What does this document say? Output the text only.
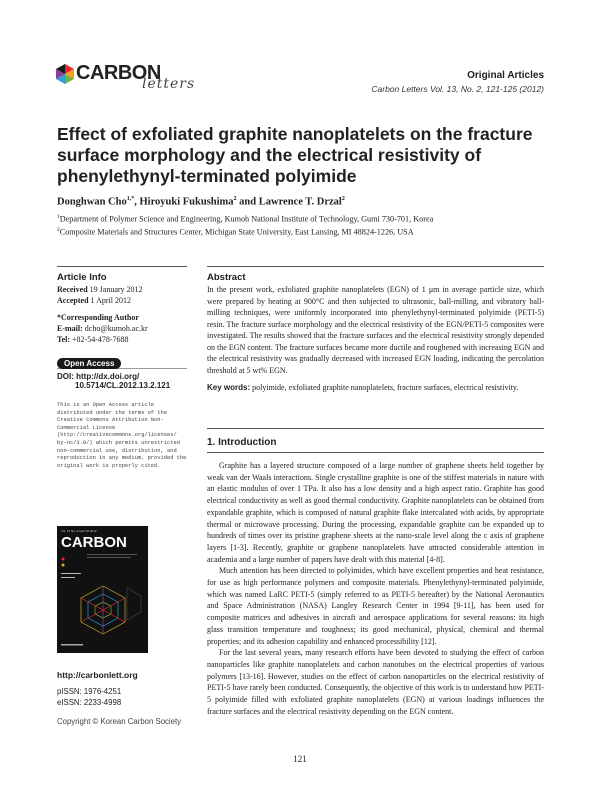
CARBON
letters
Original Articles
Carbon Letters Vol. 13, No. 2, 121-125 (2012)
Effect of exfoliated graphite nanoplatelets on the fracture surface morphology and the electrical resistivity of phenylethynyl-terminated polyimide
Donghwan Cho$^{1,*}$, Hiroyuki Fukushima$^2$ and Lawrence T. Drzal$^2$
$^1$Department of Polymer Science and Engineering, Kumoh National Institute of Technology, Gumi 730-701, Korea
$^2$Composite Materials and Structures Center, Michigan State University, East Lansing, MI 48824-1226, USA
Article Info
Received 19 January 2012
Accepted 1 April 2012
*Corresponding Author
E-mail: dcho@kumoh.ac.kr
Tel: +82-54-478-7688
Open Access
DOI: http://dx.doi.org/
10.5714/CL.2012.13.2.121
This is an Open Access article distributed under the terms of the Creative Commons Attribution Non-Commercial License (http://creativecommons.org/licenses/ by-nc/3.0/) which permits unrestricted non-commercial use, distribution, and reproduction in any medium, provided the original work is properly cited.
Vol. 13 No. 2 April 30 2012
CARBON
http://carbonlett.org
pISSN: 1976-4251
eISSN: 2233-4998
Copyright © Korean Carbon Society
Abstract
In the present work, exfoliated graphite nanoplatelets (EGN) of 1 μm in average particle size, which were prepared by heating at 900°C and then subjected to ultrasonic, ball-milling, and vibratory ball-milling techniques, were uniformly incorporated into phenylethynyl-terminated polyimide (PETI-5) resin. The fracture surface morphology and the electrical resistivity of the EGN/PETI-5 composites were investigated. The results showed that the fracture surfaces and the electrical resistivity strongly depended on the EGN content. The fracture surfaces became more ductile and roughened with increasing EGN and the electrical resistivity was gradually decreased with increased EGN loading, indicating the percolation threshold at 5 wt% EGN.
Key words: polyimide, exfoliated graphite nanoplatelets, fracture surfaces, electrical resistivity.
1. Introduction

Graphite has a layered structure composed of a large number of graphene sheets held together by weak van der Waals interactions. Single crystalline graphite is one of the stiffest materials in nature with an elastic modulus of over 1 TPa. It also has a low density and a high aspect ratio. Graphite has good electrical conductivity as well as good thermal conductivity. Graphite nanoplatelets can be obtained from expandable graphite, which is composed of natural graphite flake intercalated with acids, by appropriate thermal or microwave processing. During the processing, expandable graphite can be expanded up to hundreds of times over its pristine graphene sheets at the nano-scale level along the c axis of graphene layers [1-3]. Recently, graphite or graphene nanoplatelets have attracted considerable attention in academia and a large number of papers have dealt with this material [4-8].

Much attention has been directed to polyimides, which have excellent properties and heat resistance, for use as high performance polymers and composite materials. Phenylethynyl-terminated polyimide, which was named LaRC PETI-5 (simply referred to as PETI-5 hereafter) by the National Aeronautics and Space Administration (NASA) Langley Research Center in 1994 [9-11], has been used for composite matrices and adhesives in aircraft and aerospace applications for several reasons: its high glass transition temperature and toughness; its good mechanical, physical, chemical and thermal properties; and its adhesion capability and enhanced processibility [12].

For the last several years, many research efforts have been devoted to studying the effect of carbon nanoparticles like graphite nanoplatelets and carbon nanotubes on the electrical properties of various polymers [13-16]. However, studies on the effect of carbon nanoparticles on the electrical resistivity of PETI-5 have rarely been conducted. Consequently, the objective of this work is to understand how PETI-5 polyimide filled with exfoliated graphite nanoplatelets (EGN) at various loadings influences the fracture surfaces and the electrical resistivity depending on the EGN content.

121
